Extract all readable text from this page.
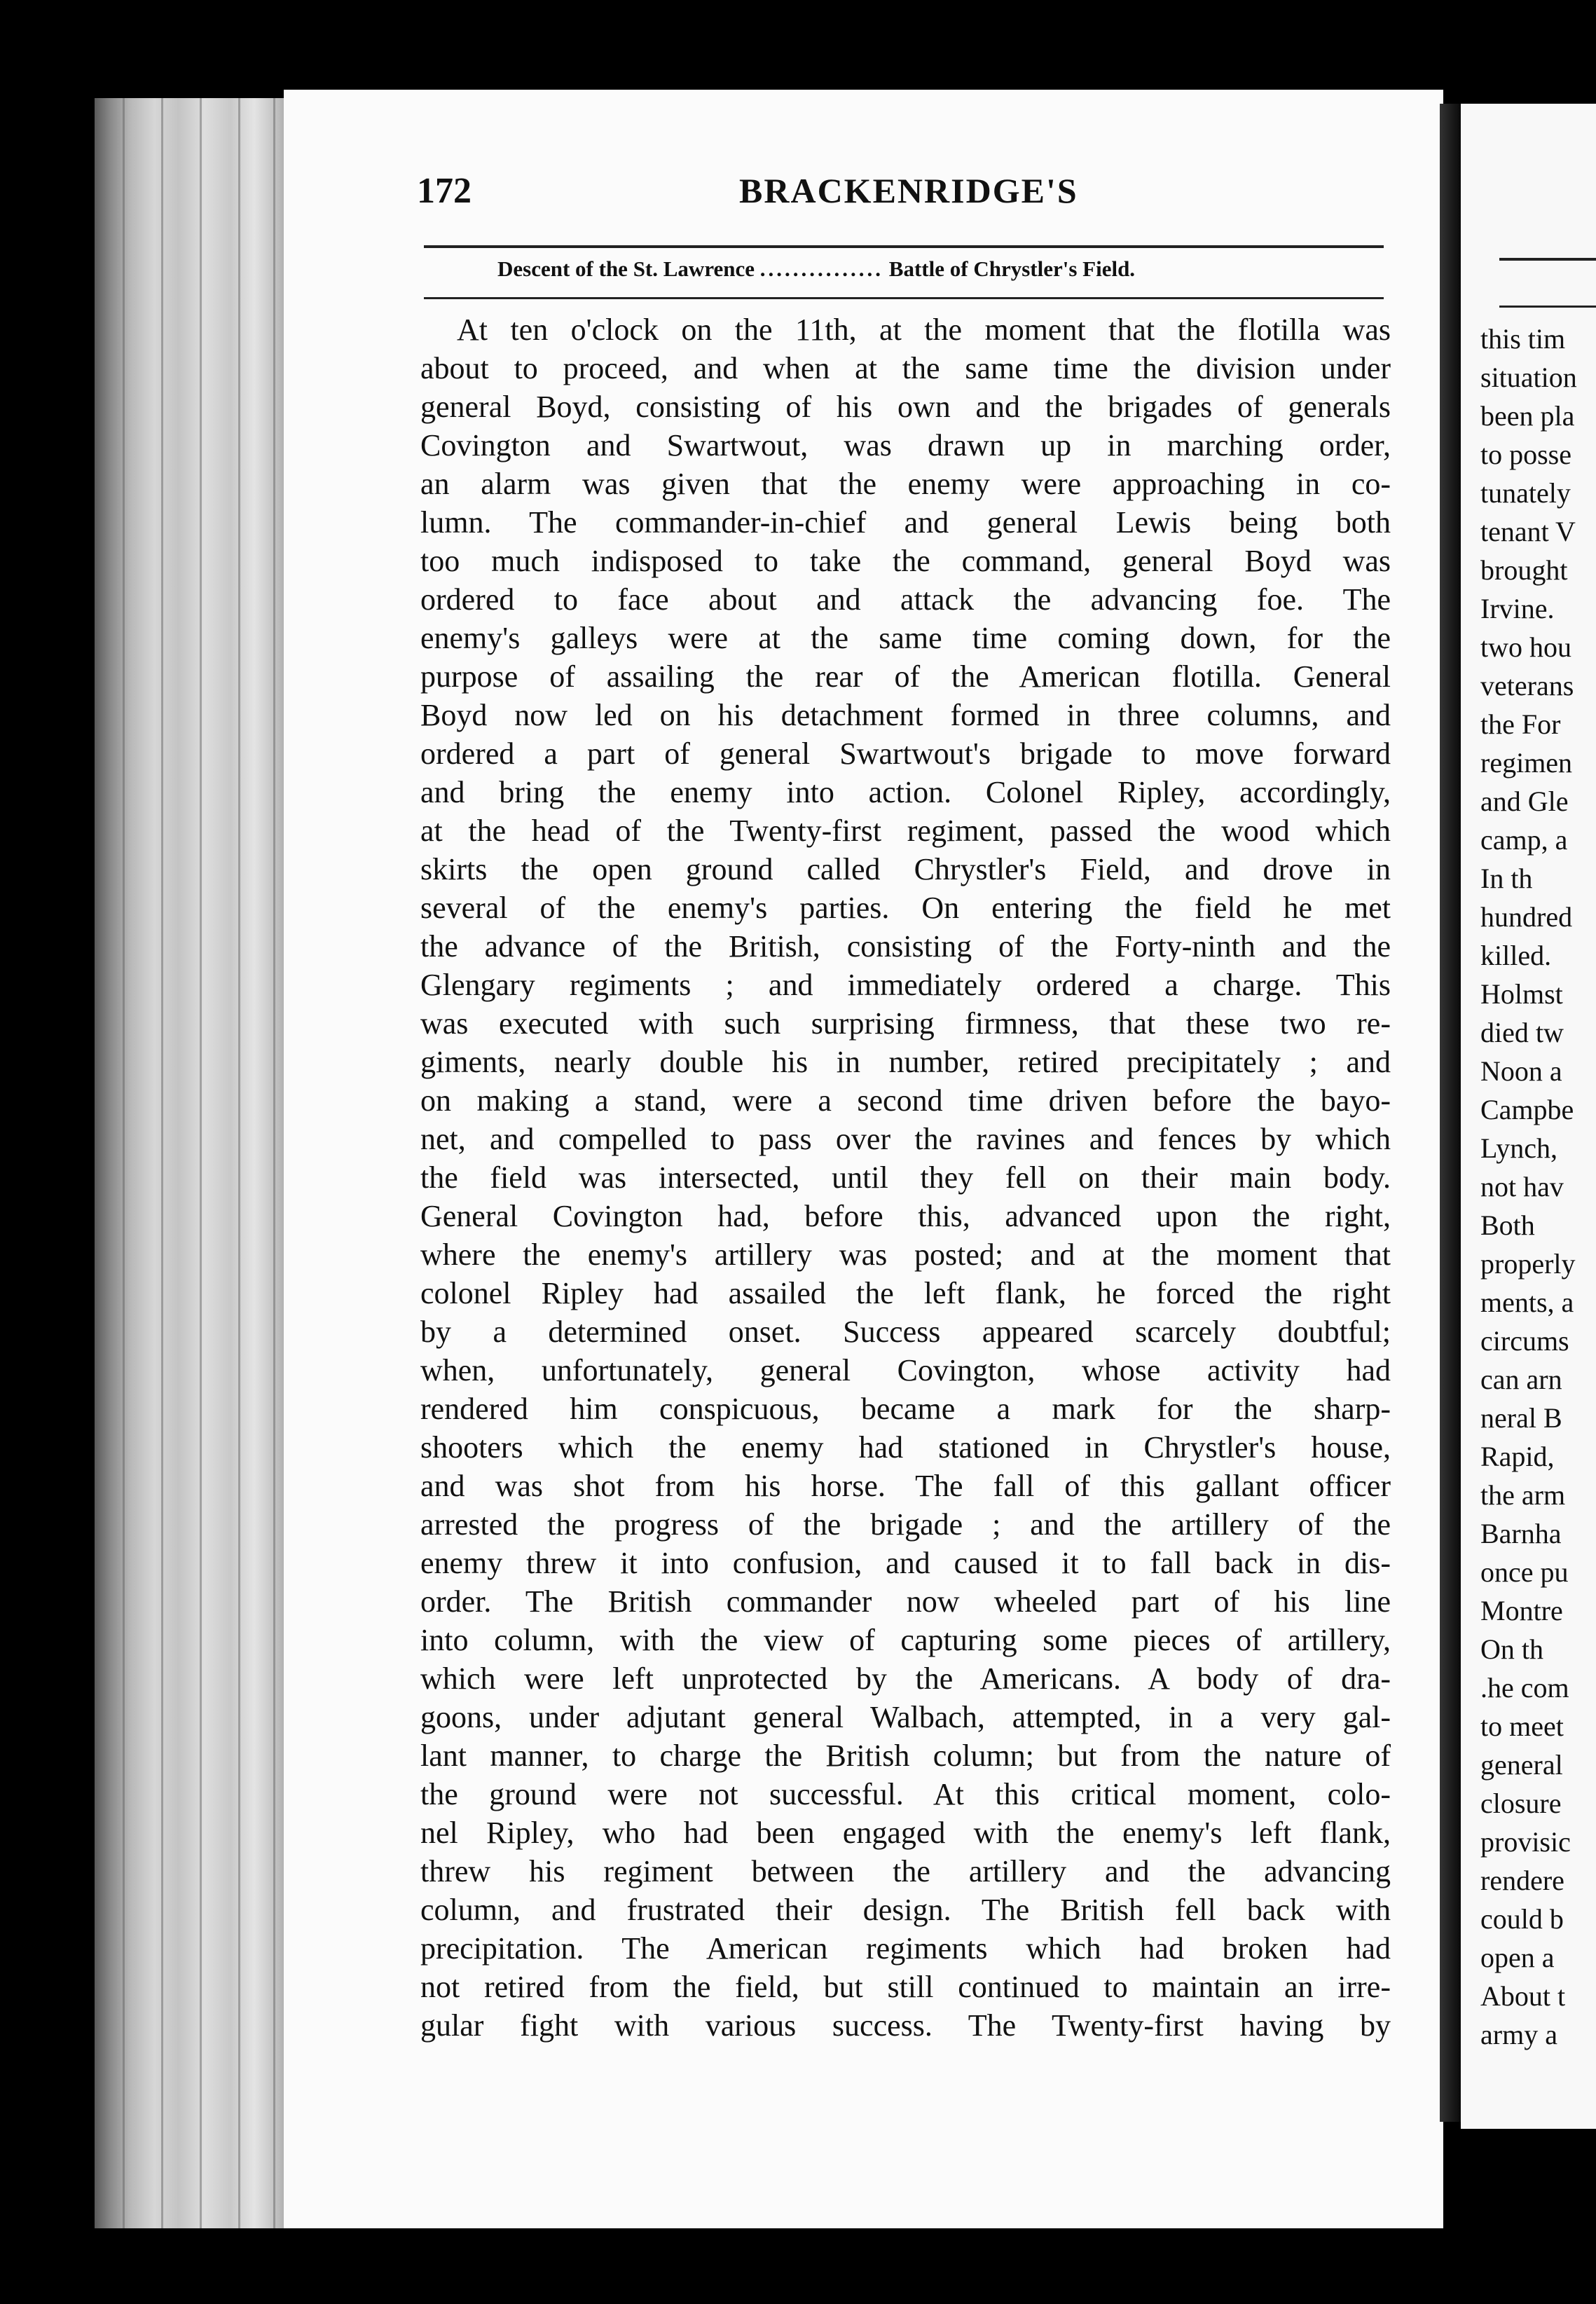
172	BRACKENRIDGE'S
Descent of the St. Lawrence ............... Battle of Chrystler's Field.
At ten o'clock on the 11th, at the moment that the flotilla was
about to proceed, and when at the same time the division under
general Boyd, consisting of his own and the brigades of generals
Covington and Swartwout, was drawn up in marching order,
an alarm was given that the enemy were approaching in co-
lumn. The commander-in-chief and general Lewis being both
too much indisposed to take the command, general Boyd was
ordered to face about and attack the advancing foe. The
enemy's galleys were at the same time coming down, for the
purpose of assailing the rear of the American flotilla. General
Boyd now led on his detachment formed in three columns, and
ordered a part of general Swartwout's brigade to move forward
and bring the enemy into action. Colonel Ripley, accordingly,
at the head of the Twenty-first regiment, passed the wood which
skirts the open ground called Chrystler's Field, and drove in
several of the enemy's parties. On entering the field he met
the advance of the British, consisting of the Forty-ninth and the
Glengary regiments ; and immediately ordered a charge. This
was executed with such surprising firmness, that these two re-
giments, nearly double his in number, retired precipitately ; and
on making a stand, were a second time driven before the bayo-
net, and compelled to pass over the ravines and fences by which
the field was intersected, until they fell on their main body.
General Covington had, before this, advanced upon the right,
where the enemy's artillery was posted; and at the moment that
colonel Ripley had assailed the left flank, he forced the right
by a determined onset. Success appeared scarcely doubtful;
when, unfortunately, general Covington, whose activity had
rendered him conspicuous, became a mark for the sharp-
shooters which the enemy had stationed in Chrystler's house,
and was shot from his horse. The fall of this gallant officer
arrested the progress of the brigade ; and the artillery of the
enemy threw it into confusion, and caused it to fall back in dis-
order. The British commander now wheeled part of his line
into column, with the view of capturing some pieces of artillery,
which were left unprotected by the Americans. A body of dra-
goons, under adjutant general Walbach, attempted, in a very gal-
lant manner, to charge the British column; but from the nature of
the ground were not successful. At this critical moment, colo-
nel Ripley, who had been engaged with the enemy's left flank,
threw his regiment between the artillery and the advancing
column, and frustrated their design. The British fell back with
precipitation. The American regiments which had broken had
not retired from the field, but still continued to maintain an irre-
gular fight with various success. The Twenty-first having by
this tim
situation
been pla
to posse
tunately
tenant V
brought
Irvine.
two hou
veterans
the For
regimen
and Gle
camp, a
In th
hundred
killed.
Holmst
died tw
Noon a
Campbe
Lynch,
not hav
Both
properly
ments, a
circums
can arn
neral B
Rapid,
the arm
Barnha
once pu
Montre
On th
.he com
to meet
general
closure
provisic
rendere
could b
open a
About t
army a
